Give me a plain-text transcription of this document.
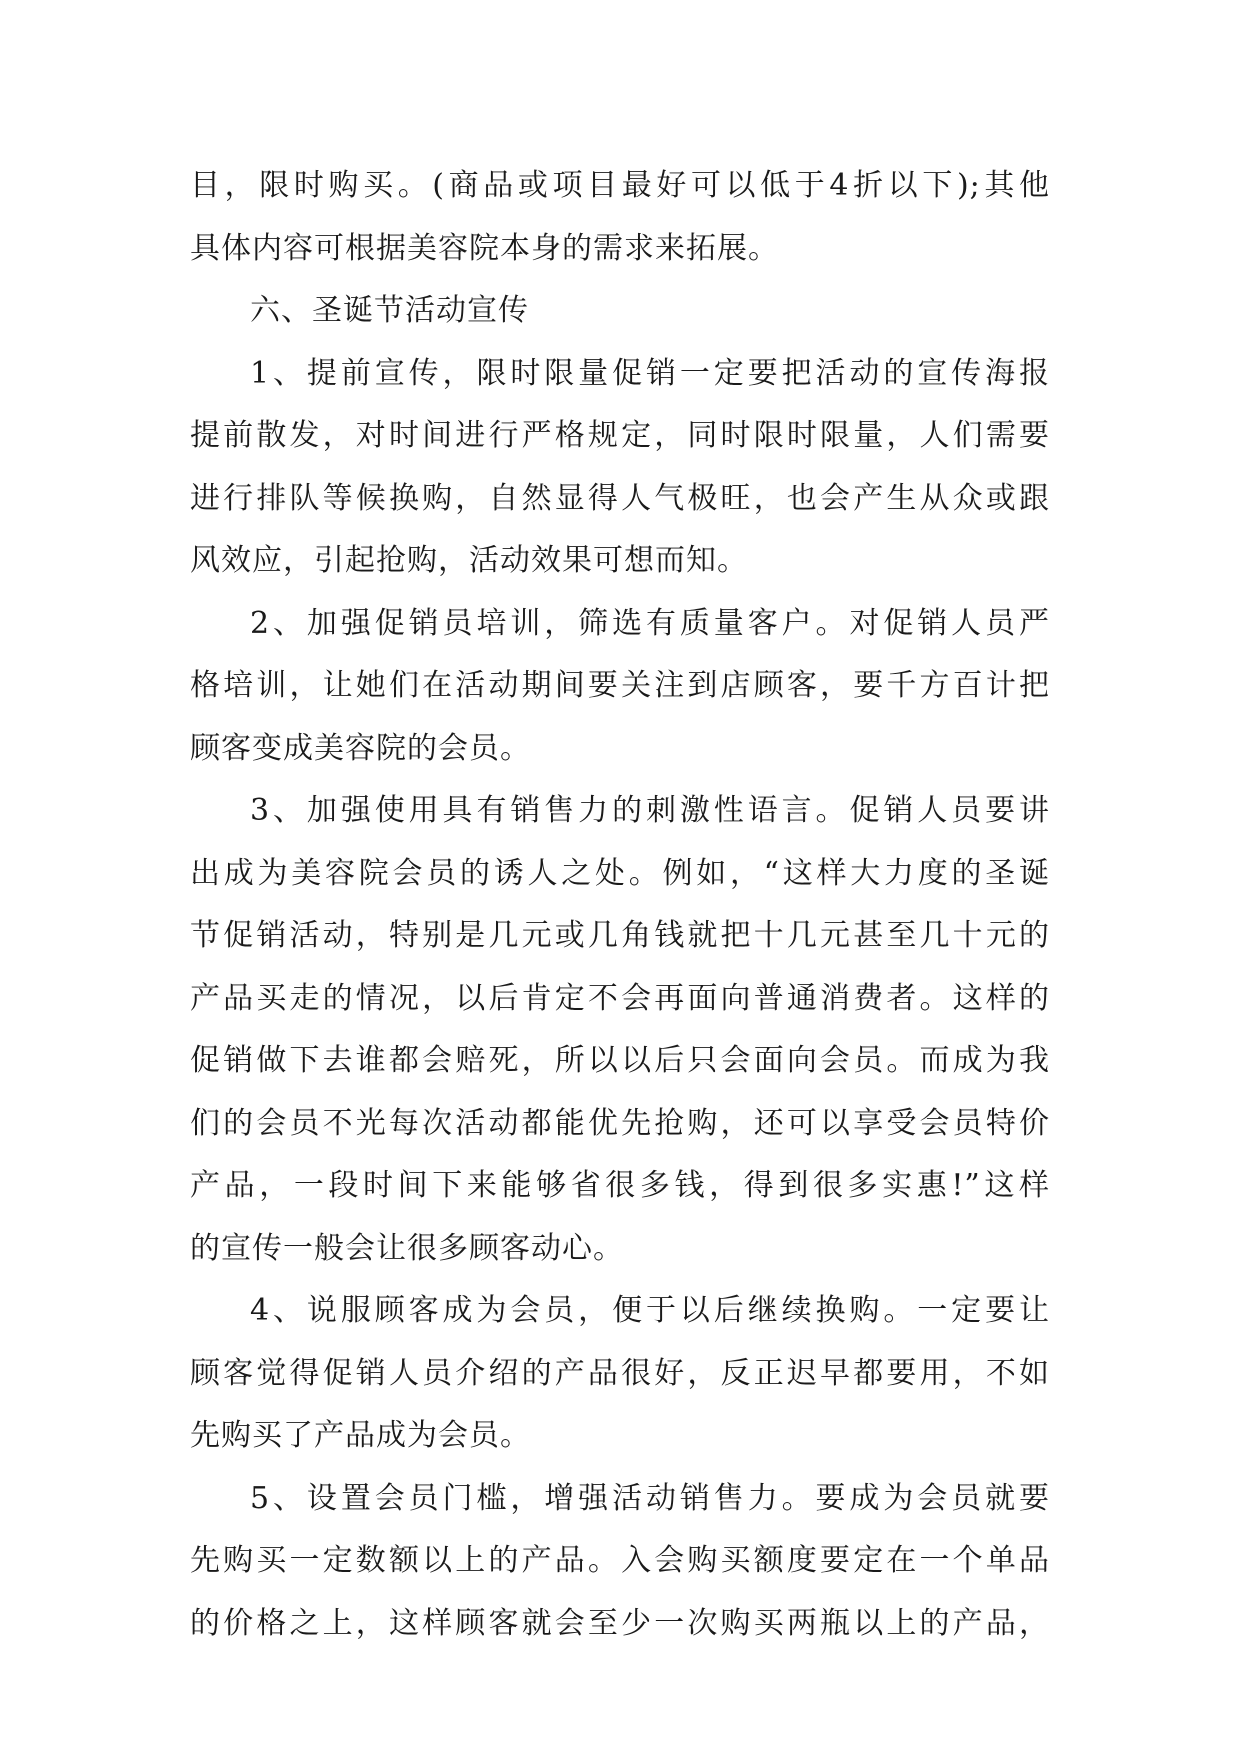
目，限时购买。(商品或项目最好可以低于4折以下);其他
具体内容可根据美容院本身的需求来拓展。
六、圣诞节活动宣传
1、提前宣传，限时限量促销一定要把活动的宣传海报
提前散发，对时间进行严格规定，同时限时限量，人们需要
进行排队等候换购，自然显得人气极旺，也会产生从众或跟
风效应，引起抢购，活动效果可想而知。
2、加强促销员培训，筛选有质量客户。对促销人员严
格培训，让她们在活动期间要关注到店顾客，要千方百计把
顾客变成美容院的会员。
3、加强使用具有销售力的刺激性语言。促销人员要讲
出成为美容院会员的诱人之处。例如，“这样大力度的圣诞
节促销活动，特别是几元或几角钱就把十几元甚至几十元的
产品买走的情况，以后肯定不会再面向普通消费者。这样的
促销做下去谁都会赔死，所以以后只会面向会员。而成为我
们的会员不光每次活动都能优先抢购，还可以享受会员特价
产品，一段时间下来能够省很多钱，得到很多实惠!”这样
的宣传一般会让很多顾客动心。
4、说服顾客成为会员，便于以后继续换购。一定要让
顾客觉得促销人员介绍的产品很好，反正迟早都要用，不如
先购买了产品成为会员。
5、设置会员门槛，增强活动销售力。要成为会员就要
先购买一定数额以上的产品。入会购买额度要定在一个单品
的价格之上，这样顾客就会至少一次购买两瓶以上的产品，
